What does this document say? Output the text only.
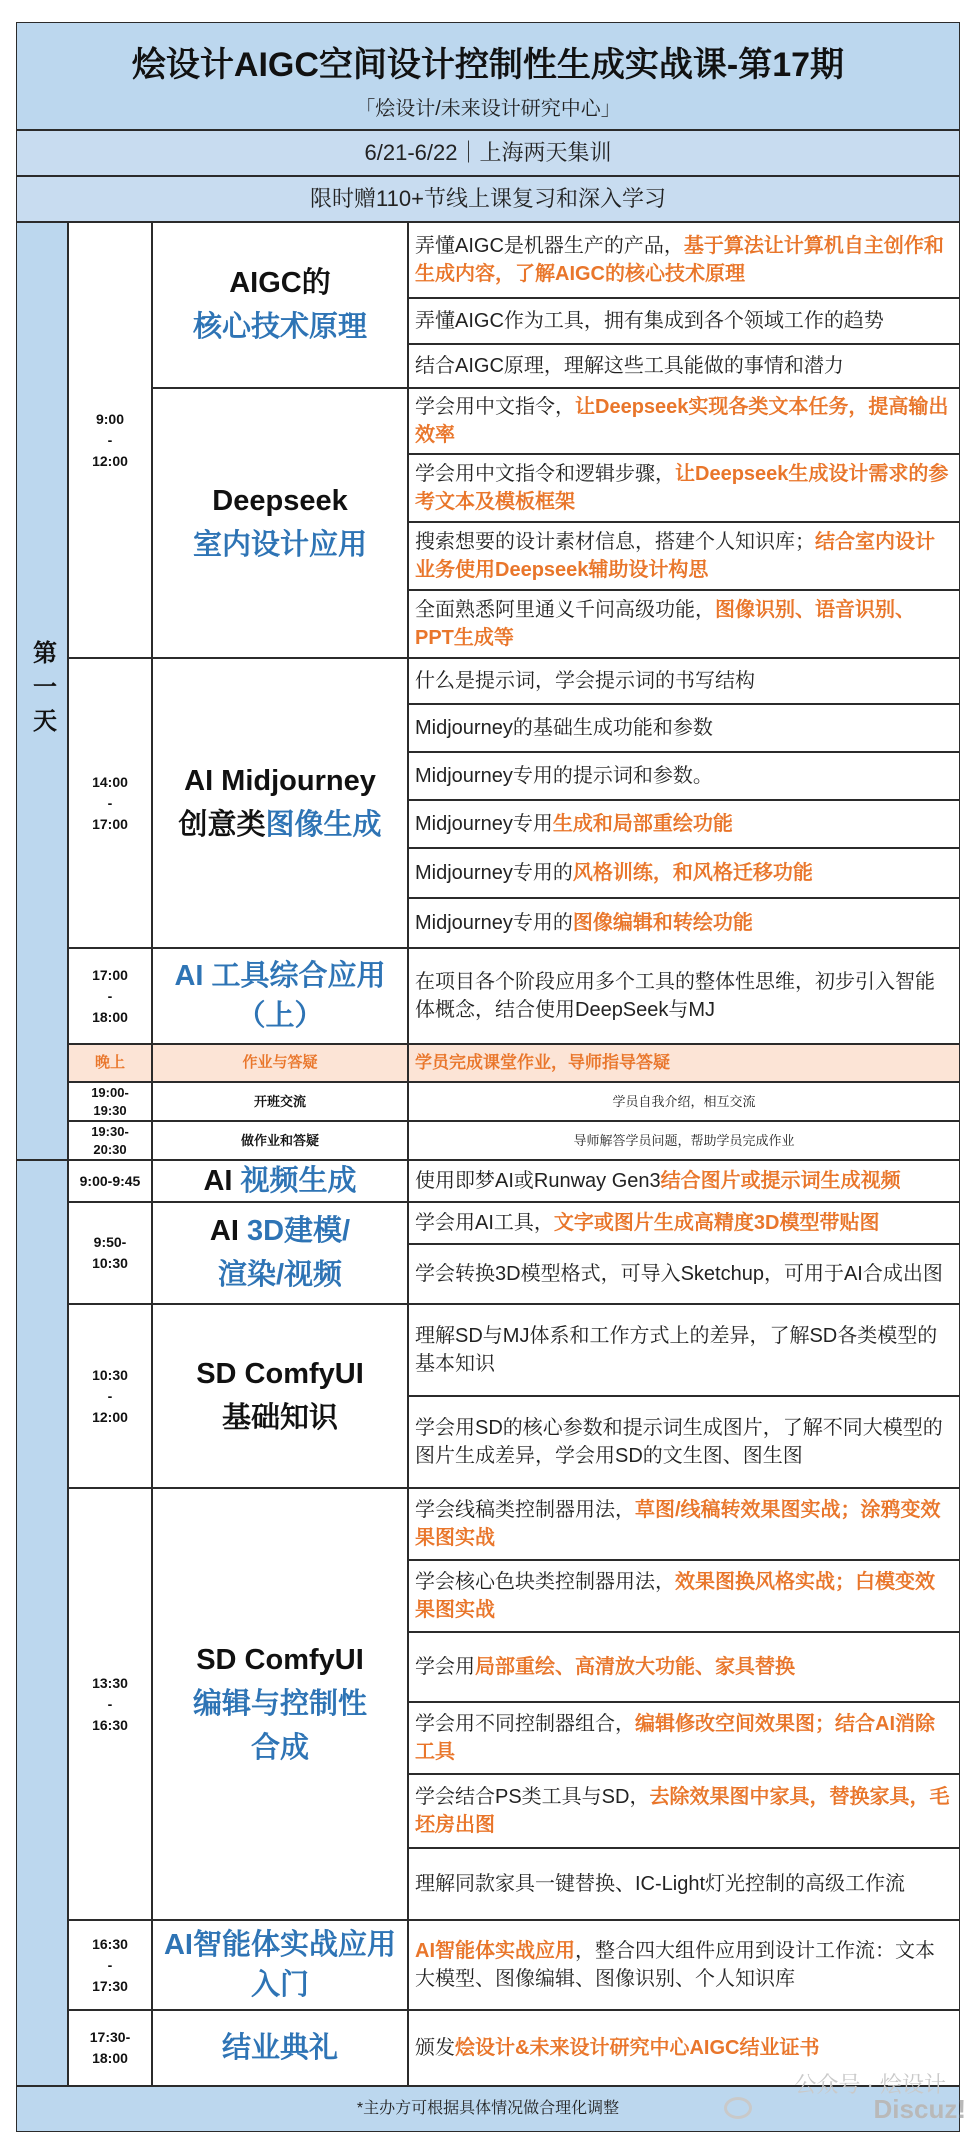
烩设计AIGC空间设计控制性生成实战课-第17期
「烩设计/未来设计研究中心」
6/21-6/22｜上海两天集训
限时赠110+节线上课复习和深入学习
第一天
9:00
-
12:00
14:00
-
17:00
17:00
-
18:00
晚上
19:00-
19:30
19:30-
20:30
9:00-9:45
9:50-
10:30
10:30
-
12:00
13:30
-
16:30
16:30
-
17:30
17:30-
18:00
AIGC的
核心技术原理
Deepseek
室内设计应用
AI Midjourney
创意类图像生成
AI 工具综合应用（上）
作业与答疑
开班交流
做作业和答疑
AI 视频生成
AI 3D建模/
渲染/视频
SD ComfyUI
基础知识
SD ComfyUI
编辑与控制性
合成
AI智能体实战应用入门
结业典礼
弄懂AIGC是机器生产的产品，基于算法让计算机自主创作和生成内容，了解AIGC的核心技术原理
弄懂AIGC作为工具，拥有集成到各个领域工作的趋势
结合AIGC原理，理解这些工具能做的事情和潜力
学会用中文指令，让Deepseek实现各类文本任务，提高输出效率
学会用中文指令和逻辑步骤，让Deepseek生成设计需求的参考文本及模板框架
搜索想要的设计素材信息，搭建个人知识库；结合室内设计业务使用Deepseek辅助设计构思
全面熟悉阿里通义千问高级功能，图像识别、语音识别、PPT生成等
什么是提示词，学会提示词的书写结构
Midjourney的基础生成功能和参数
Midjourney专用的提示词和参数。
Midjourney专用生成和局部重绘功能
Midjourney专用的风格训练，和风格迁移功能
Midjourney专用的图像编辑和转绘功能
在项目各个阶段应用多个工具的整体性思维，初步引入智能体概念，结合使用DeepSeek与MJ
学员完成课堂作业，导师指导答疑
学员自我介绍，相互交流
导师解答学员问题，帮助学员完成作业
使用即梦AI或Runway Gen3结合图片或提示词生成视频
学会用AI工具，文字或图片生成高精度3D模型带贴图
学会转换3D模型格式，可导入Sketchup，可用于AI合成出图
理解SD与MJ体系和工作方式上的差异，了解SD各类模型的基本知识
学会用SD的核心参数和提示词生成图片，了解不同大模型的图片生成差异，学会用SD的文生图、图生图
学会线稿类控制器用法，草图/线稿转效果图实战；涂鸦变效果图实战
学会核心色块类控制器用法，效果图换风格实战；白模变效果图实战
学会用局部重绘、高清放大功能、家具替换
学会用不同控制器组合，编辑修改空间效果图；结合AI消除工具
学会结合PS类工具与SD，去除效果图中家具，替换家具，毛坯房出图
理解同款家具一键替换、IC-Light灯光控制的高级工作流
AI智能体实战应用，整合四大组件应用到设计工作流：文本大模型、图像编辑、图像识别、个人知识库
颁发烩设计&未来设计研究中心AIGC结业证书
*主办方可根据具体情况做合理化调整
公众号 · 烩设计
Discuz!
